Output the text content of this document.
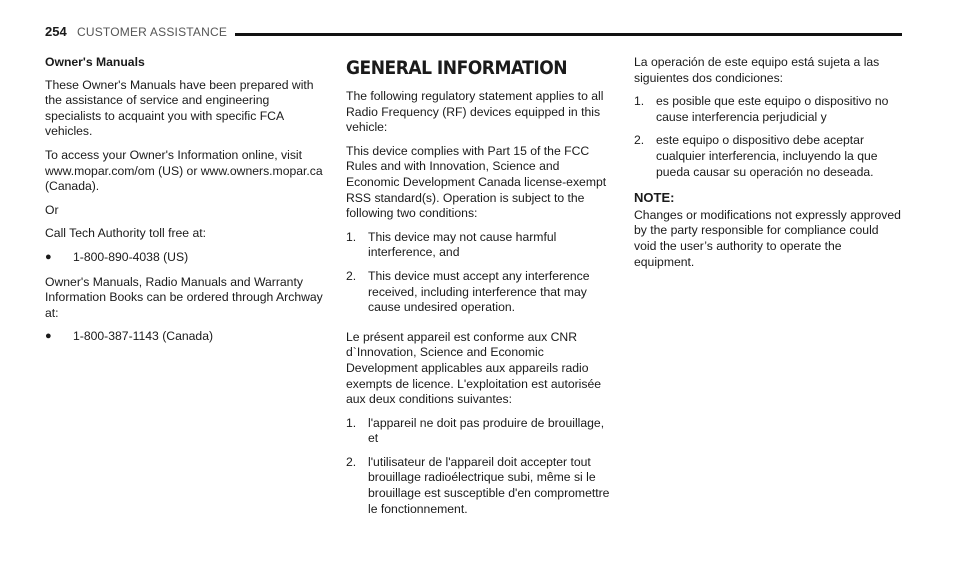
254 CUSTOMER ASSISTANCE

Owner's Manuals

These Owner's Manuals have been prepared with the assistance of service and engineering specialists to acquaint you with specific FCA vehicles.

To access your Owner's Information online, visit www.mopar.com/om (US) or www.owners.mopar.ca (Canada).

Or

Call Tech Authority toll free at:

● 1-800-890-4038 (US)

Owner's Manuals, Radio Manuals and Warranty Information Books can be ordered through Archway at:

● 1-800-387-1143 (Canada)

GENERAL INFORMATION

The following regulatory statement applies to all Radio Frequency (RF) devices equipped in this vehicle:

This device complies with Part 15 of the FCC Rules and with Innovation, Science and Economic Development Canada license-exempt RSS standard(s). Operation is subject to the following two conditions:

1. This device may not cause harmful interference, and
2. This device must accept any interference received, including interference that may cause undesired operation.

Le présent appareil est conforme aux CNR d`Innovation, Science and Economic Development applicables aux appareils radio exempts de licence. L'exploitation est autorisée aux deux conditions suivantes:

1. l'appareil ne doit pas produire de brouillage, et
2. l'utilisateur de l'appareil doit accepter tout brouillage radioélectrique subi, même si le brouillage est susceptible d'en compromettre le fonctionnement.

La operación de este equipo está sujeta a las siguientes dos condiciones:

1. es posible que este equipo o dispositivo no cause interferencia perjudicial y
2. este equipo o dispositivo debe aceptar cualquier interferencia, incluyendo la que pueda causar su operación no deseada.

NOTE:

Changes or modifications not expressly approved by the party responsible for compliance could void the user’s authority to operate the equipment.
